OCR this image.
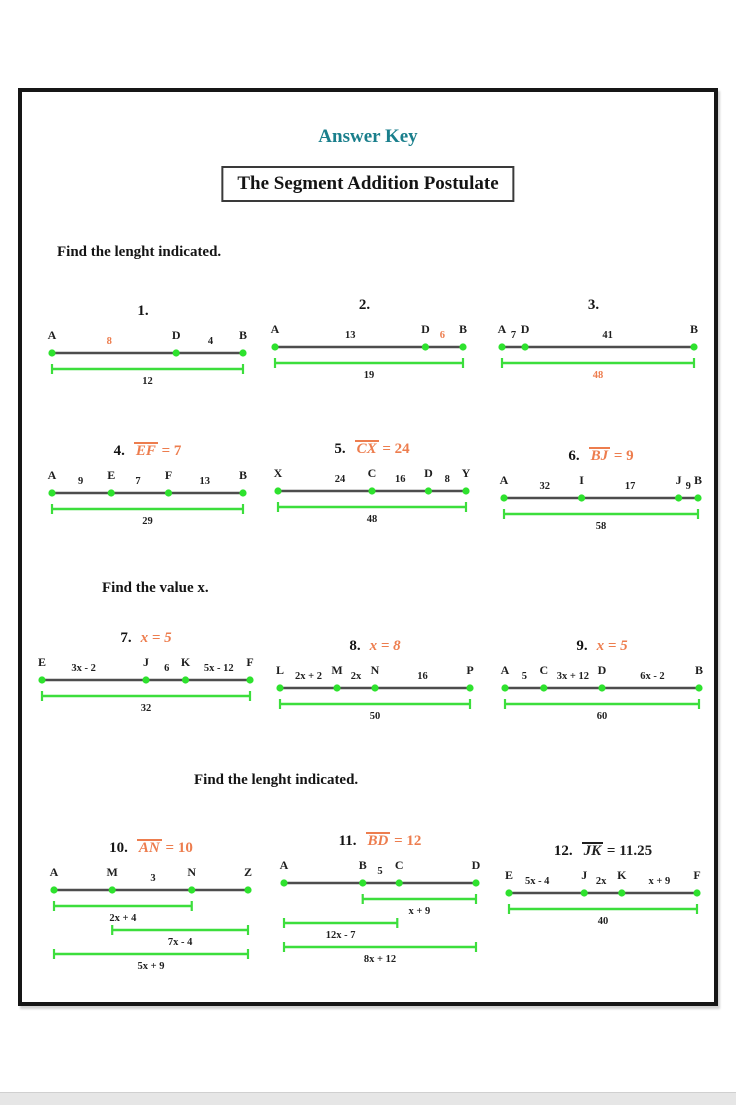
Answer Key
The Segment Addition Postulate
Find the lenght indicated.
Find the value x.
Find the lenght indicated.
1.
A	D	B
8	4
12
2.
A	D B
13	6
19
3.
A D	B
7	41
48
4. EF = 7
A	E	F	B
9	7	13
29
5. CX = 24
X	C	D Y
24	16	8
48
6. BJ = 9
A	I	J B
32	17	9
58
7. x = 5
E	J	K	F
3x - 2	6	5x - 12
32
8. x = 8
L	M N	P
2x + 2	2x	16
50
9. x = 5
A	C	D	B
5	3x + 12	6x - 2
60
10. AN = 10
A	M	N	Z
3
2x + 4
7x - 4
5x + 9
11. BD = 12
A	B C	D
5
x + 9
12x - 7
8x + 12
12. JK = 11.25
E	J K	F
5x - 4	2x	x + 9
40
